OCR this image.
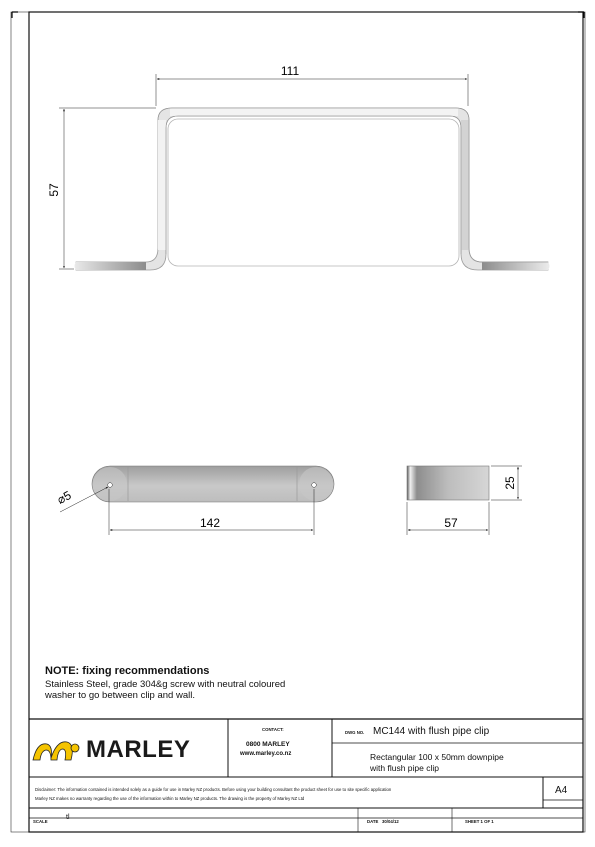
111
57
⌀5
142	57
25
NOTE: fixing recommendations
Stainless Steel, grade 304&g screw with neutral coloured
washer to go between clip and wall.
MARLEY
CONTACT:
0800 MARLEY
www.marley.co.nz
DWG NO. MC144 with flush pipe clip
Rectangular 100 x 50mm downpipe
with flush pipe clip
Disclaimer: The information contained is intended solely as a guide for use in Marley NZ products. Before using your building consultant the product sheet for use to site specific application
Marley NZ makes no warranty regarding the use of the information within to Marley NZ products. The drawing is the property of Marley NZ Ltd
A4
SCALE
tl
DATE 30/04/12	SHEET 1 OF 1
